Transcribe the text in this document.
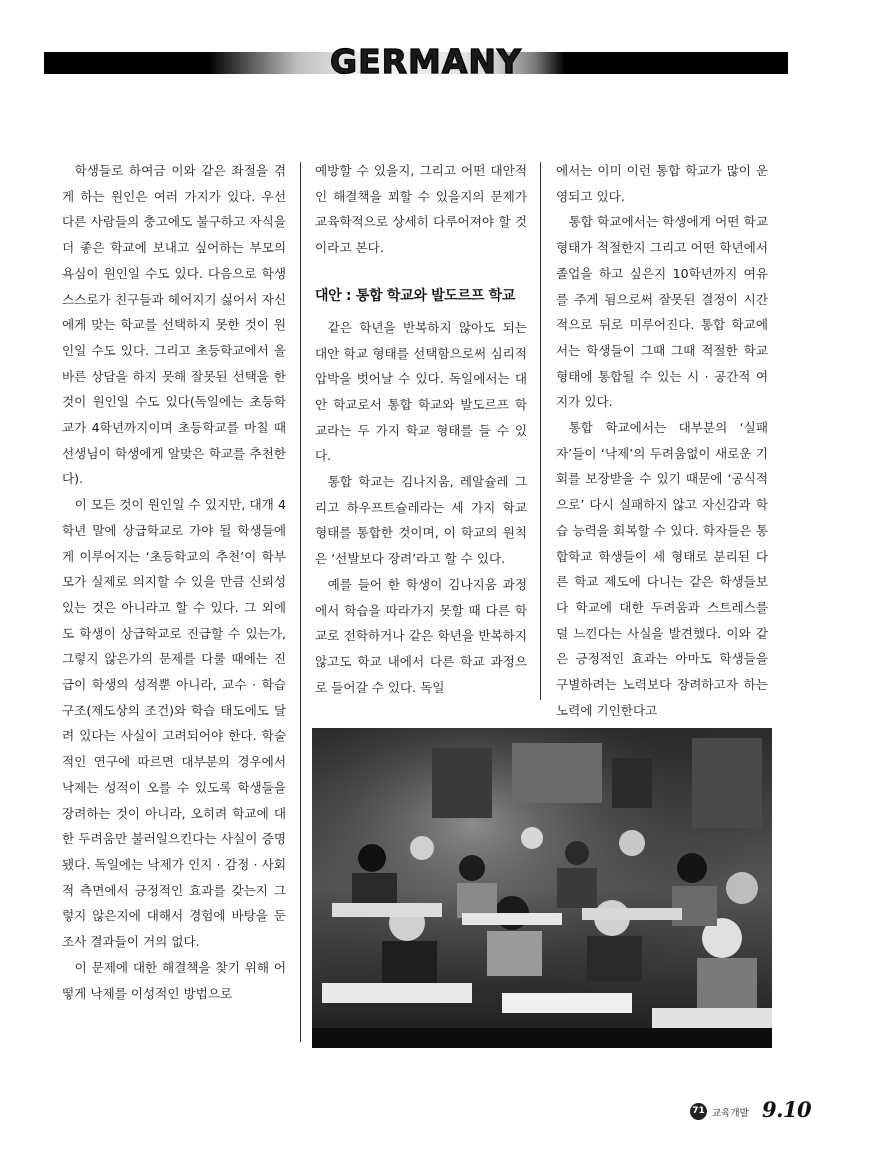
GERMANY

학생들로 하여금 이와 같은 좌절을 겪게 하는 원인은 여러 가지가 있다. 우선 다른 사람들의 충고에도 불구하고 자식을 더 좋은 학교에 보내고 싶어하는 부모의 욕심이 원인일 수도 있다. 다음으로 학생 스스로가 친구들과 헤어지기 싫어서 자신에게 맞는 학교를 선택하지 못한 것이 원인일 수도 있다. 그리고 초등학교에서 올바른 상담을 하지 못해 잘못된 선택을 한 것이 원인일 수도 있다(독일에는 초등학교가 4학년까지이며 초등학교를 마칠 때 선생님이 학생에게 알맞은 학교를 추천한다).

이 모든 것이 원인일 수 있지만, 대개 4학년 말에 상급학교로 가야 될 학생들에게 이루어지는 ‘초등학교의 추천’이 학부모가 실제로 의지할 수 있을 만큼 신뢰성 있는 것은 아니라고 할 수 있다. 그 외에도 학생이 상급학교로 진급할 수 있는가, 그렇지 않은가의 문제를 다룰 때에는 진급이 학생의 성적뿐 아니라, 교수 · 학습구조(제도상의 조건)와 학습 태도에도 달려 있다는 사실이 고려되어야 한다. 학술적인 연구에 따르면 대부분의 경우에서 낙제는 성적이 오를 수 있도록 학생들을 장려하는 것이 아니라, 오히려 학교에 대한 두려움만 불러일으킨다는 사실이 증명됐다. 독일에는 낙제가 인지 · 감정 · 사회적 측면에서 긍정적인 효과를 갖는지 그렇지 않은지에 대해서 경험에 바탕을 둔 조사 결과들이 거의 없다.

이 문제에 대한 해결책을 찾기 위해 어떻게 낙제를 이성적인 방법으로

예방할 수 있을지, 그리고 어떤 대안적인 해결책을 꾀할 수 있을지의 문제가 교육학적으로 상세히 다루어져야 할 것이라고 본다.

대안 : 통합 학교와 발도르프 학교

같은 학년을 반복하지 않아도 되는 대안 학교 형태를 선택함으로써 심리적 압박을 벗어날 수 있다. 독일에서는 대안 학교로서 통합 학교와 발도르프 학교라는 두 가지 학교 형태를 들 수 있다.

통합 학교는 김나지움, 레알슐레 그리고 하우프트슐레라는 세 가지 학교 형태를 통합한 것이며, 이 학교의 원칙은 ‘선발보다 장려’라고 할 수 있다.

예를 들어 한 학생이 김나지움 과정에서 학습을 따라가지 못할 때 다른 학교로 전학하거나 같은 학년을 반복하지 않고도 학교 내에서 다른 학교 과정으로 들어갈 수 있다. 독일

에서는 이미 이런 통합 학교가 많이 운영되고 있다.

통합 학교에서는 학생에게 어떤 학교 형태가 적절한지 그리고 어떤 학년에서 졸업을 하고 싶은지 10학년까지 여유를 주게 됨으로써 잘못된 결정이 시간적으로 뒤로 미루어진다. 통합 학교에서는 학생들이 그때 그때 적절한 학교 형태에 통합될 수 있는 시 · 공간적 여지가 있다.

통합 학교에서는 대부분의 ‘실패자’들이 ‘낙제’의 두려움없이 새로운 기회를 보장받을 수 있기 때문에 ‘공식적으로’ 다시 실패하지 않고 자신감과 학습 능력을 회복할 수 있다. 학자들은 통합학교 학생들이 세 형태로 분리된 다른 학교 제도에 다니는 같은 학생들보다 학교에 대한 두려움과 스트레스를 덜 느낀다는 사실을 발견했다. 이와 같은 긍정적인 효과는 아마도 학생들을 구별하려는 노력보다 장려하고자 하는 노력에 기인한다고

71 교육개발 9.10
